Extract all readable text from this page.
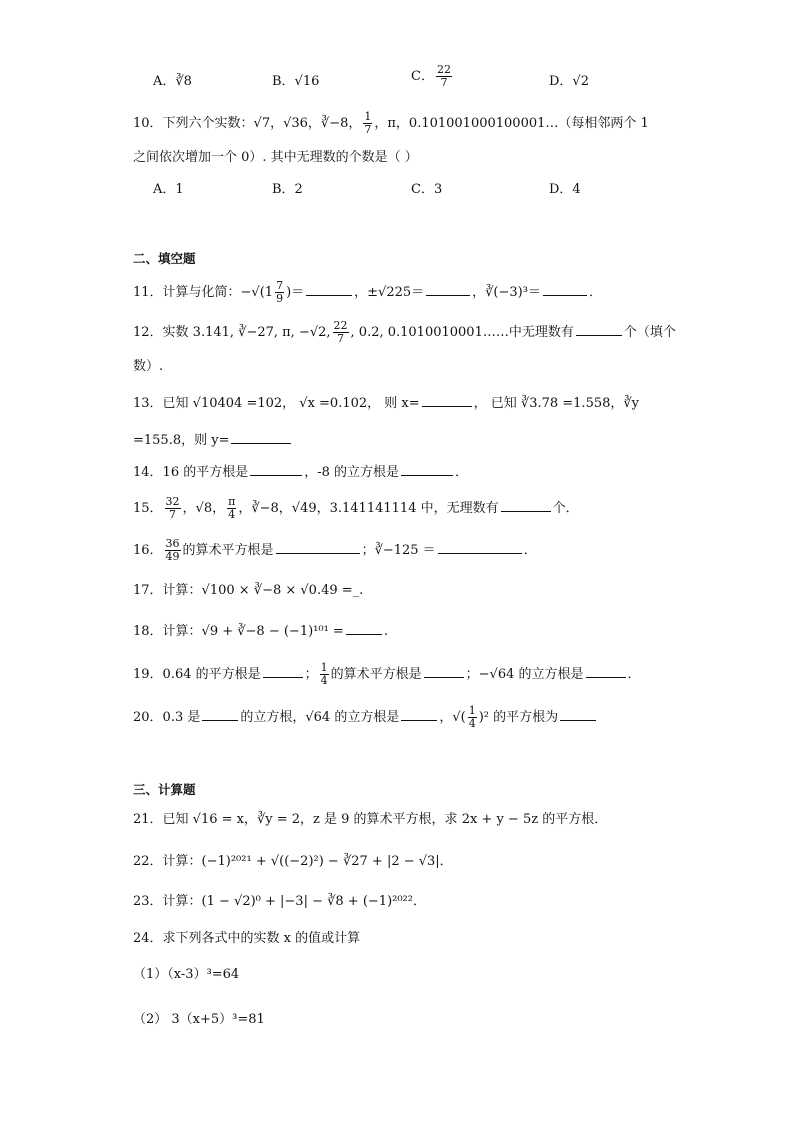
A．∛8	B．√16	C． $\frac{22}{7}$	D．√2
10．下列六个实数：√7，√36，∛−8， $\frac{1}{7}$ ，π，0.101001000100001…（每相邻两个 1
之间依次增加一个 0）. 其中无理数的个数是（ ）
A．1	B．2	C．3	D．4
二、填空题
11．计算与化简：$-√(1 \frac{7}{9}$ )＝	，±√225＝	，∛(−3)³＝	．
12．实数 3.141, ∛−27, π, −√2, $\frac{22}{7}$ , 0.2, 0.1010010001……中无理数有	个（填个
数）.
13．已知 √10404 =102， √x =0.102， 则 x=	， 已知 ∛3.78 =1.558，∛y
=155.8，则 y=
14．16 的平方根是	，-8 的立方根是	．
15． $\frac{32}{7}$ ，√8， $\frac{\pi}{4}$ ，∛−8，√49，3.141141114 中，无理数有	个．
16． $\frac{36}{49}$ 的算术平方根是	；∛−125 ＝	．
17．计算：√100 × ∛−8 × √0.49 =_.
18．计算：√9 + ∛−8 − (−1)¹⁰¹ =	.
19．0.64 的平方根是	； $\frac{1}{4}$ 的算术平方根是	；−√64 的立方根是	．
20．0.3 是	的立方根，√64 的立方根是	，√( $\frac{1}{4} )^2$ 的平方根为
三、计算题
21．已知 √16 = x，∛y = 2，z 是 9 的算术平方根，求 2x + y − 5z 的平方根．
22．计算：(−1)²⁰²¹ + √((−2)²) − ∛27 + |2 − √3|．
23．计算：(1 − √2)⁰ + |−3| − ∛8 + (−1)²⁰²²．
24．求下列各式中的实数 x 的值或计算
（1）（x-3）³=64
（2） 3（x+5）³=81
